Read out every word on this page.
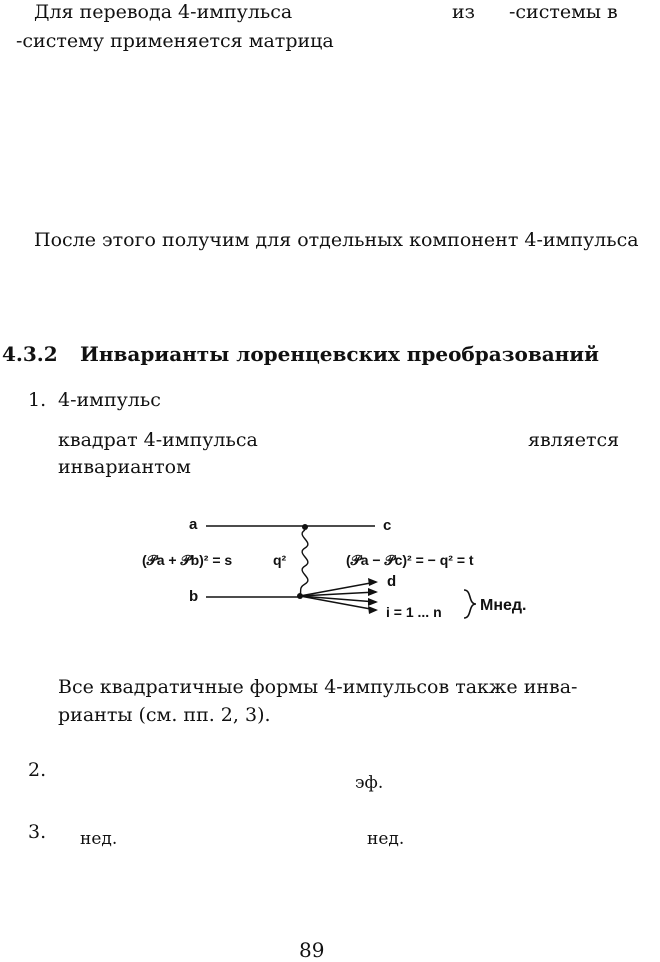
Для перевода 4-импульса	из -системы в
-систему применяется матрица
После этого получим для отдельных компонент 4-импульса
4.3.2 Инварианты лоренцевских преобразований
1. 4-импульс
квадрат 4-импульса	является
инвариантом
a
b
c
d
(𝒫a + 𝒫b)² = s	q²	(𝒫a − 𝒫c)² = − q² = t
i = 1 ... n Mнед.
Все квадратичные формы 4-импульсов также инва-
рианты (см. пп. 2, 3).
2.
эф.
3. нед.	нед.
89
